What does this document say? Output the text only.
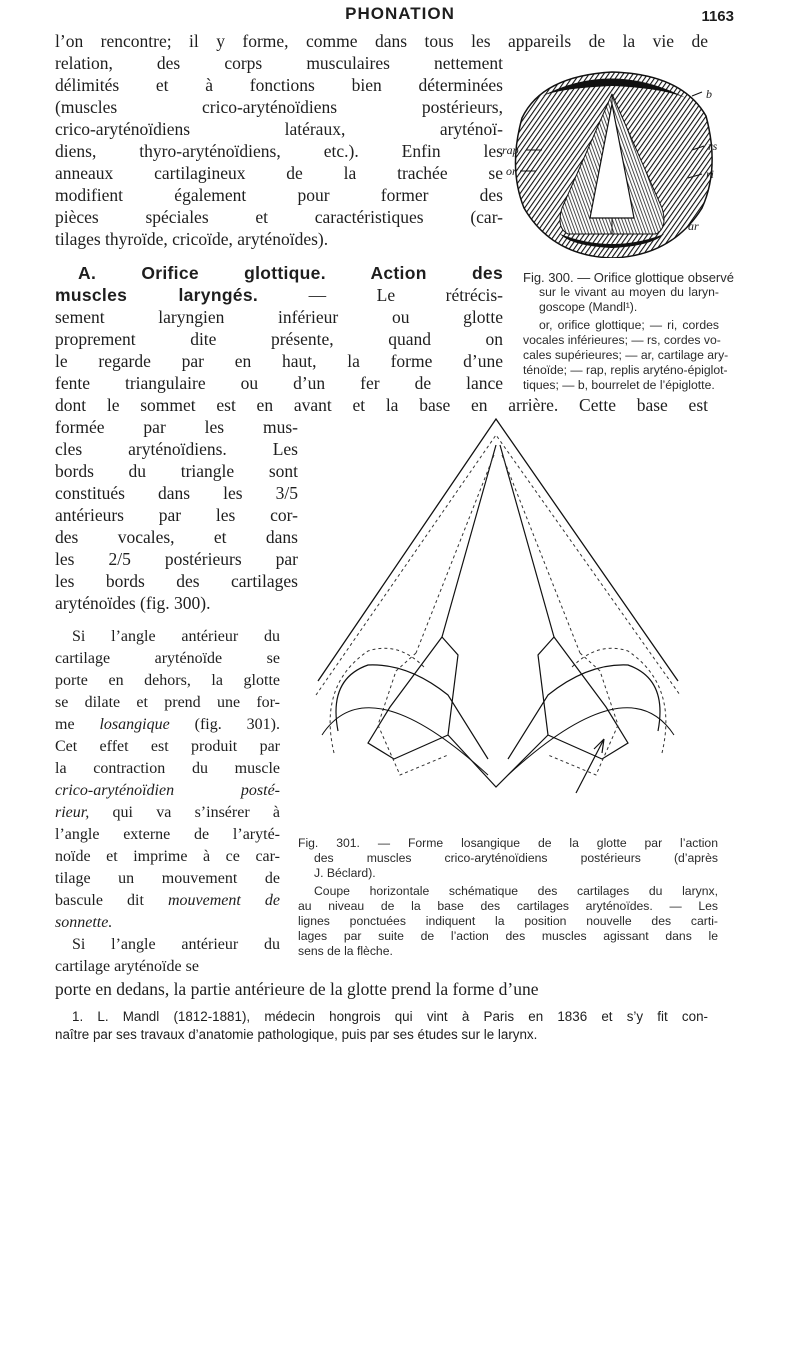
PHONATION	1163
l’on rencontre; il y forme, comme dans tous les appareils de la vie de
relation, des corps musculaires nettement
délimités et à fonctions bien déterminées
(muscles crico-aryténoïdiens postérieurs,
crico-aryténoïdiens latéraux, aryténoï-
diens, thyro-aryténoïdiens, etc.). Enfin les
anneaux cartilagineux de la trachée se
modifient également pour former des
pièces spéciales et caractéristiques (car-
tilages thyroïde, cricoïde, aryténoïdes).
A. Orifice glottique. Action des
muscles laryngés. — Le rétrécis-
sement laryngien inférieur ou glotte
proprement dite présente, quand on
le regarde par en haut, la forme d’une
fente triangulaire ou d’un fer de lance
dont le sommet est en avant et la base en arrière. Cette base est
formée par les mus-
cles aryténoïdiens. Les
bords du triangle sont
constitués dans les 3/5
antérieurs par les cor-
des vocales, et dans
les 2/5 postérieurs par
les bords des cartilages
aryténoïdes (fig. 300).
Si l’angle antérieur du
cartilage aryténoïde se
porte en dehors, la glotte
se dilate et prend une for-
me losangique (fig. 301).
Cet effet est produit par
la contraction du muscle
crico-aryténoïdien posté-
rieur, qui va s’insérer à
l’angle externe de l’aryté-
noïde et imprime à ce car-
tilage un mouvement de
bascule dit mouvement de
sonnette.
Si l’angle antérieur du
cartilage aryténoïde se
porte en dedans, la partie antérieure de la glotte prend la forme d’une
b
rs
ri
ar
rap
or
Fig. 300. — Orifice glottique observé
sur le vivant au moyen du laryn-
goscope (Mandl¹).
or, orifice glottique; — ri, cordes
vocales inférieures; — rs, cordes vo-
cales supérieures; — ar, cartilage ary-
ténoïde; — rap, replis aryténo-épiglot-
tiques; — b, bourrelet de l’épiglotte.
Fig. 301. — Forme losangique de la glotte par l’action
des muscles crico-aryténoïdiens postérieurs (d’après
J. Béclard).
Coupe horizontale schématique des cartilages du larynx,
au niveau de la base des cartilages aryténoïdes. — Les
lignes ponctuées indiquent la position nouvelle des carti-
lages par suite de l’action des muscles agissant dans le
sens de la flèche.
1. L. Mandl (1812-1881), médecin hongrois qui vint à Paris en 1836 et s’y fit con-
naître par ses travaux d’anatomie pathologique, puis par ses études sur le larynx.
